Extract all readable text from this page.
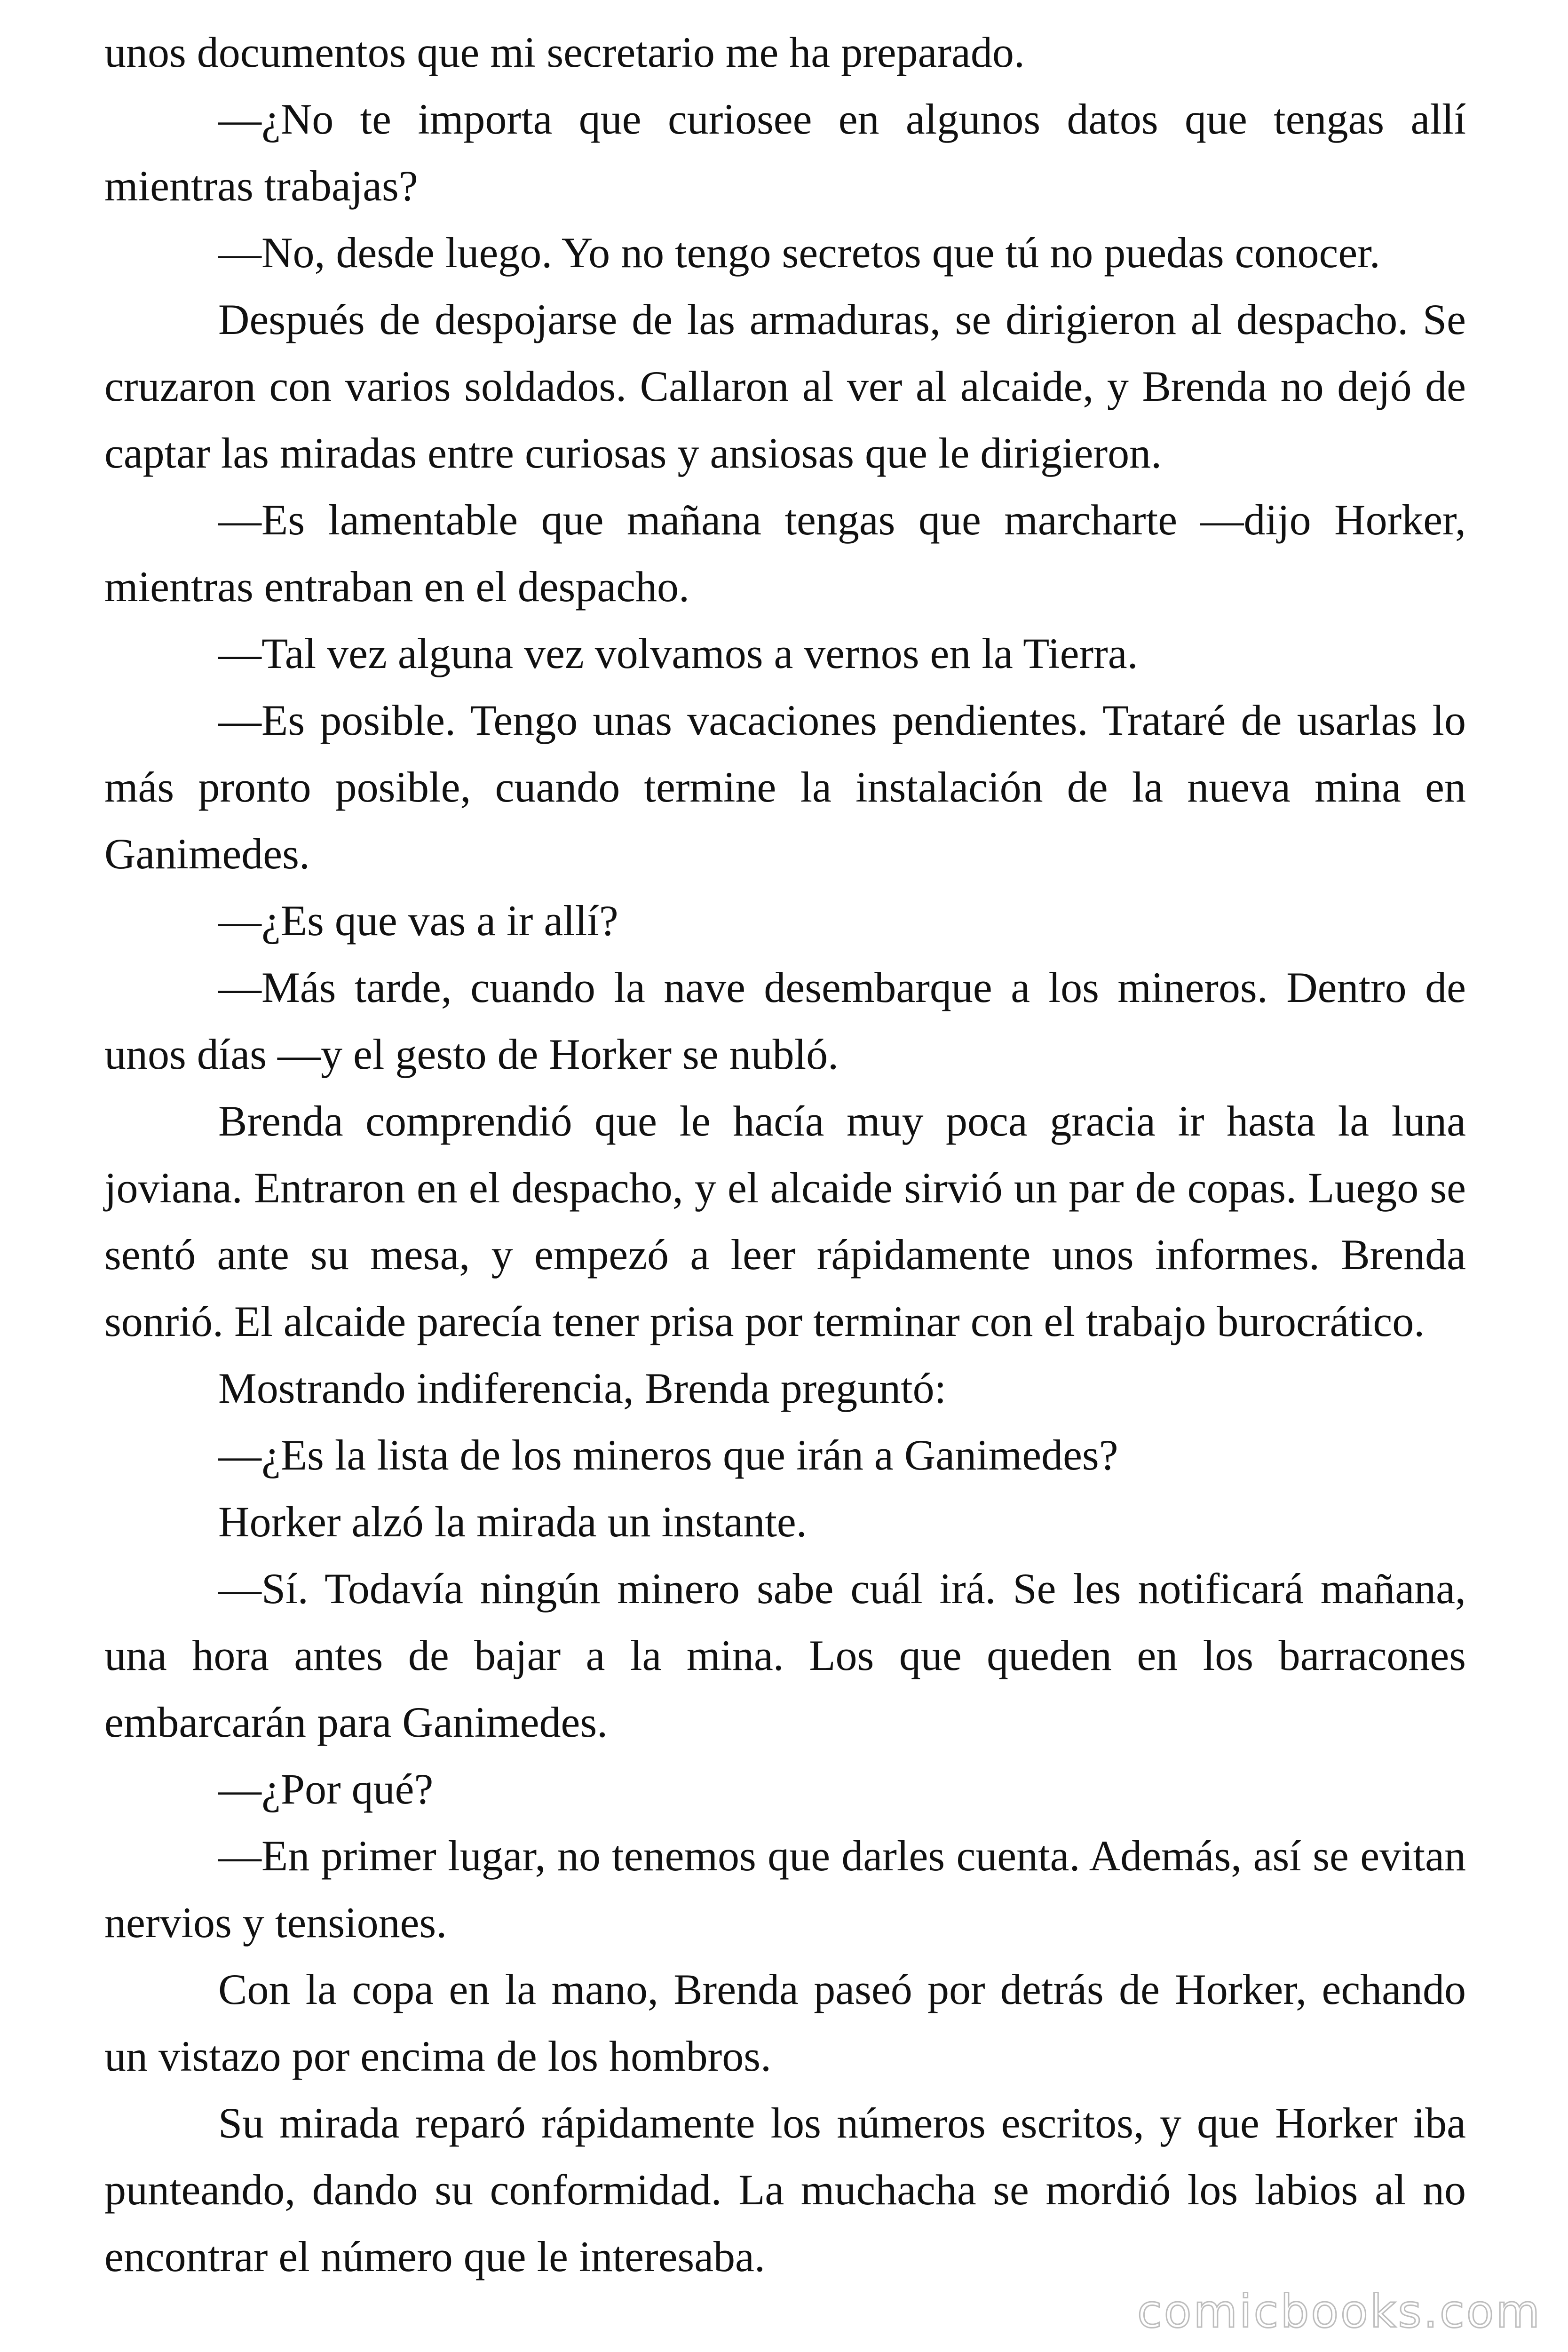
unos documentos que mi secretario me ha preparado.

—¿No te importa que curiosee en algunos datos que tengas allí mientras trabajas?

—No, desde luego. Yo no tengo secretos que tú no puedas conocer.

Después de despojarse de las armaduras, se dirigieron al despacho. Se cruzaron con varios soldados. Callaron al ver al alcaide, y Brenda no dejó de captar las miradas entre curiosas y ansiosas que le dirigieron.

—Es lamentable que mañana tengas que marcharte —dijo Horker, mientras entraban en el despacho.

—Tal vez alguna vez volvamos a vernos en la Tierra.

—Es posible. Tengo unas vacaciones pendientes. Trataré de usarlas lo más pronto posible, cuando termine la instalación de la nueva mina en Ganimedes.

—¿Es que vas a ir allí?

—Más tarde, cuando la nave desembarque a los mineros. Dentro de unos días —y el gesto de Horker se nubló.

Brenda comprendió que le hacía muy poca gracia ir hasta la luna joviana. Entraron en el despacho, y el alcaide sirvió un par de copas. Luego se sentó ante su mesa, y empezó a leer rápidamente unos informes. Brenda sonrió. El alcaide parecía tener prisa por terminar con el trabajo burocrático.

Mostrando indiferencia, Brenda preguntó:

—¿Es la lista de los mineros que irán a Ganimedes?

Horker alzó la mirada un instante.

—Sí. Todavía ningún minero sabe cuál irá. Se les notificará mañana, una hora antes de bajar a la mina. Los que queden en los barracones embarcarán para Ganimedes.

—¿Por qué?

—En primer lugar, no tenemos que darles cuenta. Además, así se evitan nervios y tensiones.

Con la copa en la mano, Brenda paseó por detrás de Horker, echando un vistazo por encima de los hombros.

Su mirada reparó rápidamente los números escritos, y que Horker iba punteando, dando su conformidad. La muchacha se mordió los labios al no encontrar el número que le interesaba.

comicbooks.com
